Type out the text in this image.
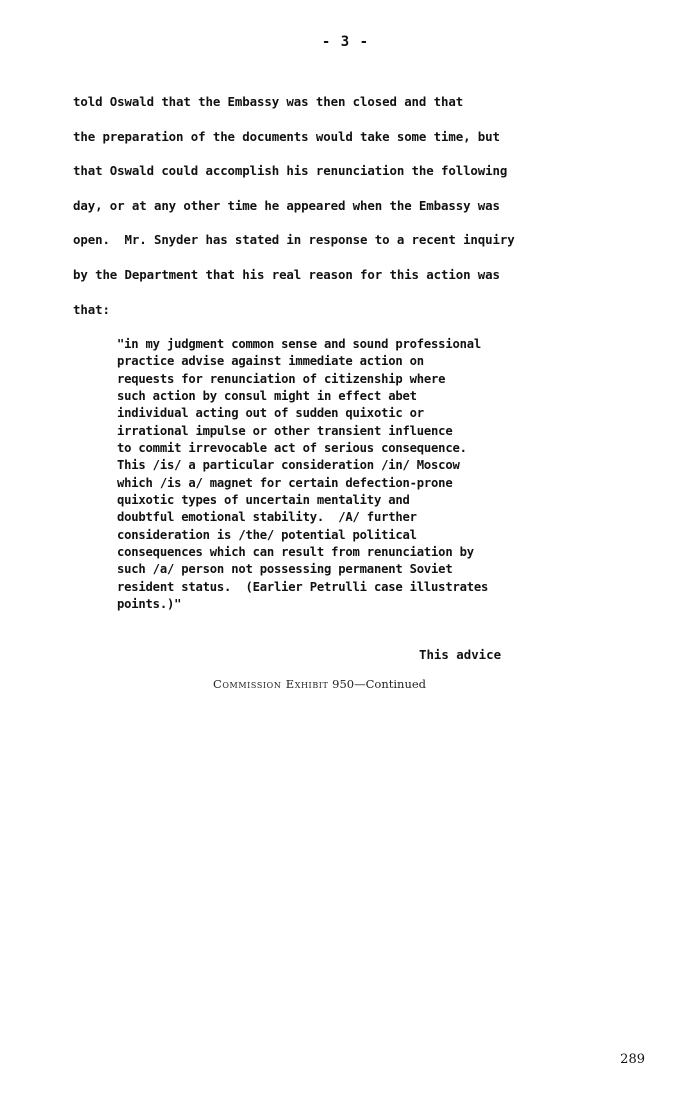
- 3 -
told Oswald that the Embassy was then closed and that
the preparation of the documents would take some time, but
that Oswald could accomplish his renunciation the following
day, or at any other time he appeared when the Embassy was
open.  Mr. Snyder has stated in response to a recent inquiry
by the Department that his real reason for this action was
that:
"in my judgment common sense and sound professional
practice advise against immediate action on
requests for renunciation of citizenship where
such action by consul might in effect abet
individual acting out of sudden quixotic or
irrational impulse or other transient influence
to commit irrevocable act of serious consequence.
This /is/ a particular consideration /in/ Moscow
which /is a/ magnet for certain defection-prone
quixotic types of uncertain mentality and
doubtful emotional stability.  /A/ further
consideration is /the/ potential political
consequences which can result from renunciation by
such /a/ person not possessing permanent Soviet
resident status.  (Earlier Petrulli case illustrates
points.)"
This advice
Commission Exhibit 950—Continued
289
